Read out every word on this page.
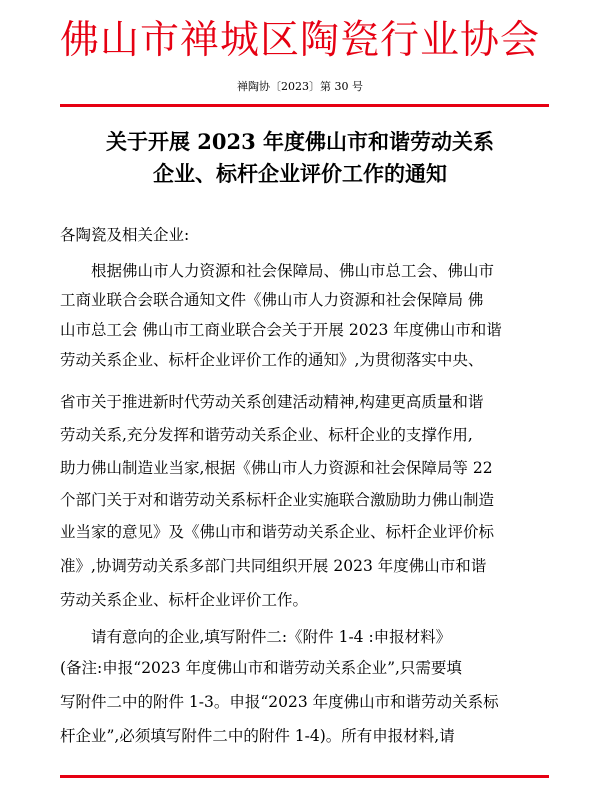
佛山市禅城区陶瓷行业协会
禅陶协〔2023〕第 30 号
关于开展 2023 年度佛山市和谐劳动关系
企业、标杆企业评价工作的通知
各陶瓷及相关企业:
根据佛山市人力资源和社会保障局、佛山市总工会、佛山市
工商业联合会联合通知文件《佛山市人力资源和社会保障局 佛
山市总工会 佛山市工商业联合会关于开展 2023 年度佛山市和谐
劳动关系企业、标杆企业评价工作的通知》,为贯彻落实中央、
省市关于推进新时代劳动关系创建活动精神,构建更高质量和谐
劳动关系,充分发挥和谐劳动关系企业、标杆企业的支撑作用,
助力佛山制造业当家,根据《佛山市人力资源和社会保障局等 22
个部门关于对和谐劳动关系标杆企业实施联合激励助力佛山制造
业当家的意见》及《佛山市和谐劳动关系企业、标杆企业评价标
准》,协调劳动关系多部门共同组织开展 2023 年度佛山市和谐
劳动关系企业、标杆企业评价工作。
请有意向的企业,填写附件二:《附件 1-4 :申报材料》
(备注:申报“2023 年度佛山市和谐劳动关系企业”,只需要填
写附件二中的附件 1-3。申报“2023 年度佛山市和谐劳动关系标
杆企业”,必须填写附件二中的附件 1-4)。所有申报材料,请
